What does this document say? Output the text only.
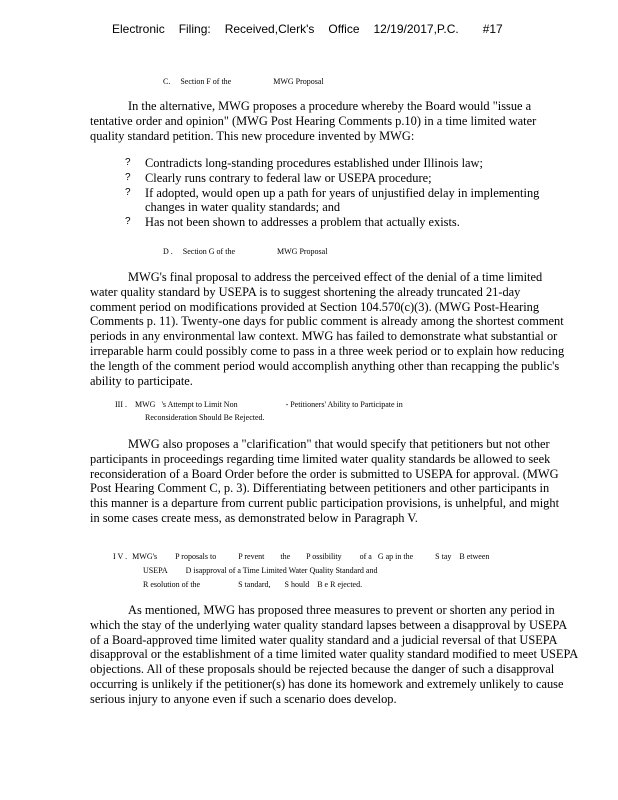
Electronic Filing: Received,Clerk's Office 12/19/2017,P.C. #17
C. Section F of the	MWG Proposal

In the alternative, MWG proposes a procedure whereby the Board would "issue a tentative order and opinion" (MWG Post Hearing Comments p.10) in a time limited water quality standard petition. This new procedure invented by MWG:

? Contradicts long-standing procedures established under Illinois law;
? Clearly runs contrary to federal law or USEPA procedure;
? If adopted, would open up a path for years of unjustified delay in implementing changes in water quality standards; and
? Has not been shown to addresses a problem that actually exists.
D . Section G of the	MWG Proposal

MWG's final proposal to address the perceived effect of the denial of a time limited water quality standard by USEPA is to suggest shortening the already truncated 21-day comment period on modifications provided at Section 104.570(c)(3). (MWG Post-Hearing Comments p. 11). Twenty-one days for public comment is already among the shortest comment periods in any environmental law context. MWG has failed to demonstrate what substantial or irreparable harm could possibly come to pass in a three week period or to explain how reducing the length of the comment period would accomplish anything other than recapping the public's ability to participate.

III . MWG 's Attempt to Limit Non	- Petitioners' Ability to Participate in
Reconsideration Should Be Rejected.

MWG also proposes a "clarification" that would specify that petitioners but not other participants in proceedings regarding time limited water quality standards be allowed to seek reconsideration of a Board Order before the order is submitted to USEPA for approval. (MWG Post Hearing Comment C, p. 3). Differentiating between petitioners and other participants in this manner is a departure from current public participation provisions, is unhelpful, and might in some cases create mess, as demonstrated below in Paragraph V.

I V . MWG's P roposals to	P revent the P ossibility of a G ap in the	S tay B etween
USEPA D isapproval of a Time Limited Water Quality Standard and
R esolution of the	S tandard, S hould B e R ejected.

As mentioned, MWG has proposed three measures to prevent or shorten any period in which the stay of the underlying water quality standard lapses between a disapproval by USEPA of a Board-approved time limited water quality standard and a judicial reversal of that USEPA disapproval or the establishment of a time limited water quality standard modified to meet USEPA objections. All of these proposals should be rejected because the danger of such a disapproval occurring is unlikely if the petitioner(s) has done its homework and extremely unlikely to cause serious injury to anyone even if such a scenario does develop.
